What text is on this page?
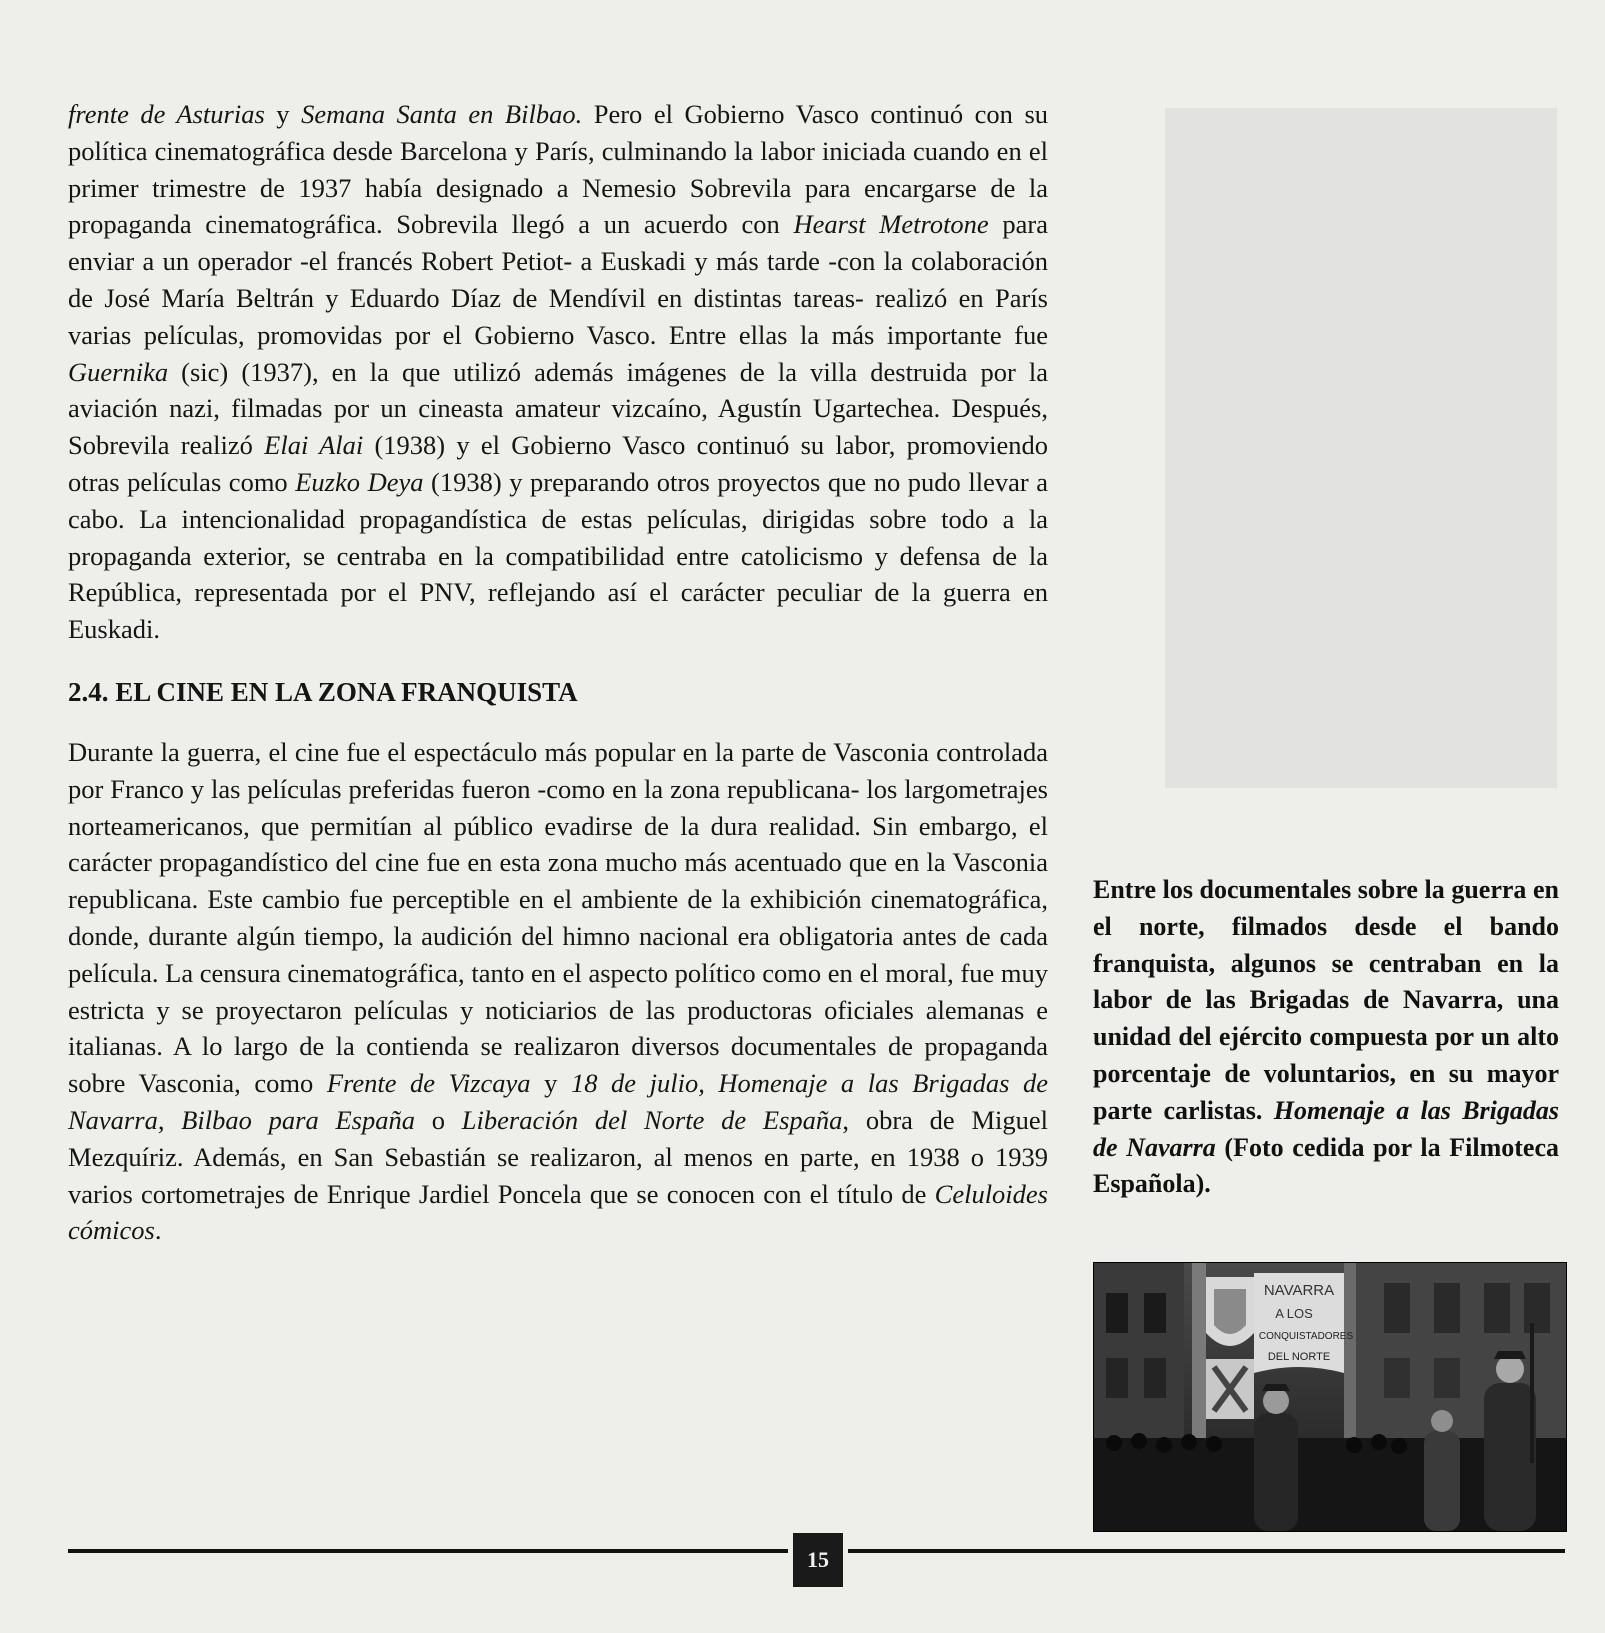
frente de Asturias y Semana Santa en Bilbao. Pero el Gobierno Vasco continuó con su política cinematográfica desde Barcelona y París, culminando la labor iniciada cuando en el primer trimestre de 1937 había designado a Nemesio Sobrevila para encargarse de la propaganda cinematográfica. Sobrevila llegó a un acuerdo con Hearst Metrotone para enviar a un operador -el francés Robert Petiot- a Euskadi y más tarde -con la colaboración de José María Beltrán y Eduardo Díaz de Mendívil en distintas tareas- realizó en París varias películas, promovidas por el Gobierno Vasco. Entre ellas la más importante fue Guernika (sic) (1937), en la que utilizó además imágenes de la villa destruida por la aviación nazi, filmadas por un cineasta amateur vizcaíno, Agustín Ugartechea. Después, Sobrevila realizó Elai Alai (1938) y el Gobierno Vasco continuó su labor, promoviendo otras películas como Euzko Deya (1938) y preparando otros proyectos que no pudo llevar a cabo. La intencionalidad propagandística de estas películas, dirigidas sobre todo a la propaganda exterior, se centraba en la compatibilidad entre catolicismo y defensa de la República, representada por el PNV, reflejando así el carácter peculiar de la guerra en Euskadi.

2.4. EL CINE EN LA ZONA FRANQUISTA

Durante la guerra, el cine fue el espectáculo más popular en la parte de Vasconia controlada por Franco y las películas preferidas fueron -como en la zona republicana- los largometrajes norteamericanos, que permitían al público evadirse de la dura realidad. Sin embargo, el carácter propagandístico del cine fue en esta zona mucho más acentuado que en la Vasconia republicana. Este cambio fue perceptible en el ambiente de la exhibición cinematográfica, donde, durante algún tiempo, la audición del himno nacional era obligatoria antes de cada película. La censura cinematográfica, tanto en el aspecto político como en el moral, fue muy estricta y se proyectaron películas y noticiarios de las productoras oficiales alemanas e italianas. A lo largo de la contienda se realizaron diversos documentales de propaganda sobre Vasconia, como Frente de Vizcaya y 18 de julio, Homenaje a las Brigadas de Navarra, Bilbao para España o Liberación del Norte de España, obra de Miguel Mezquíriz. Además, en San Sebastián se realizaron, al menos en parte, en 1938 o 1939 varios cortometrajes de Enrique Jardiel Poncela que se conocen con el título de Celuloides cómicos.

Entre los documentales sobre la guerra en el norte, filmados desde el bando franquista, algunos se centraban en la labor de las Brigadas de Navarra, una unidad del ejército compuesta por un alto porcentaje de voluntarios, en su mayor parte carlistas. Homenaje a las Brigadas de Navarra (Foto cedida por la Filmoteca Española).
NAVARRA
A LOS
CONQUISTADORES
DEL NORTE
15
